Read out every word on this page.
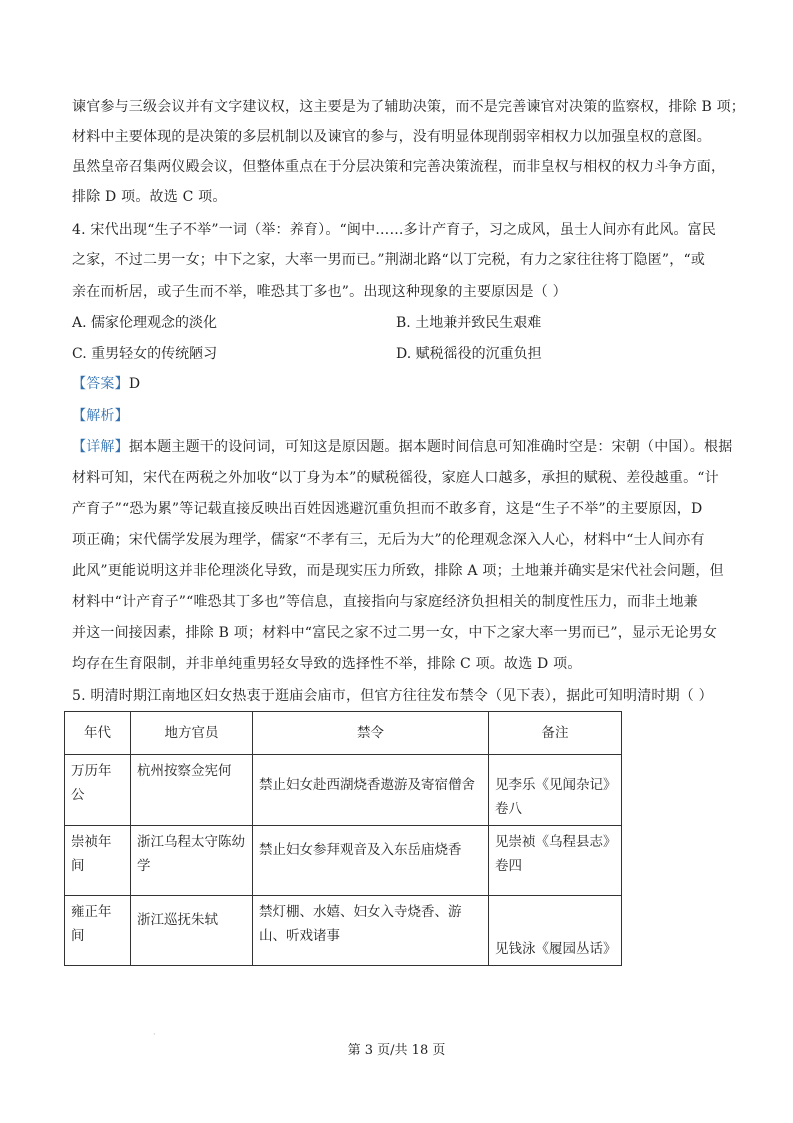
谏官参与三级会议并有文字建议权，这主要是为了辅助决策，而不是完善谏官对决策的监察权，排除 B 项；
材料中主要体现的是决策的多层机制以及谏官的参与，没有明显体现削弱宰相权力以加强皇权的意图。
虽然皇帝召集两仪殿会议，但整体重点在于分层决策和完善决策流程，而非皇权与相权的权力斗争方面，
排除 D 项。故选 C 项。
4. 宋代出现“生子不举”一词（举：养育）。“闽中……多计产育子，习之成风，虽士人间亦有此风。富民
之家，不过二男一女；中下之家，大率一男而已。”荆湖北路“以丁完税，有力之家往往将丁隐匿”，“或
亲在而析居，或子生而不举，唯恐其丁多也”。出现这种现象的主要原因是（ ）
A. 儒家伦理观念的淡化	B. 土地兼并致民生艰难
C. 重男轻女的传统陋习	D. 赋税徭役的沉重负担
【答案】D
【解析】
【详解】据本题主题干的设问词，可知这是原因题。据本题时间信息可知准确时空是：宋朝（中国）。根据
材料可知，宋代在两税之外加收“以丁身为本”的赋税徭役，家庭人口越多，承担的赋税、差役越重。“计
产育子”“恐为累”等记载直接反映出百姓因逃避沉重负担而不敢多育，这是“生子不举”的主要原因，D
项正确；宋代儒学发展为理学，儒家“不孝有三，无后为大”的伦理观念深入人心，材料中“士人间亦有
此风”更能说明这并非伦理淡化导致，而是现实压力所致，排除 A 项；土地兼并确实是宋代社会问题，但
材料中“计产育子”“唯恐其丁多也”等信息，直接指向与家庭经济负担相关的制度性压力，而非土地兼
并这一间接因素，排除 B 项；材料中“富民之家不过二男一女，中下之家大率一男而已”，显示无论男女
均存在生育限制，并非单纯重男轻女导致的选择性不举，排除 C 项。故选 D 项。
5. 明清时期江南地区妇女热衷于逛庙会庙市，但官方往往发布禁令（见下表），据此可知明清时期（ ）
年代	地方官员	禁令	备注
万历年公	杭州按察佥宪何	禁止妇女赴西湖烧香遨游及寄宿僧舍	见李乐《见闻杂记》卷八
崇祯年间	浙江乌程太守陈幼学	禁止妇女参拜观音及入东岳庙烧香	见崇祯《乌程县志》卷四
雍正年间	浙江巡抚朱轼	禁灯棚、水嬉、妇女入寺烧香、游山、听戏诸事	见钱泳《履园丛话》
·
第 3 页/共 18 页
